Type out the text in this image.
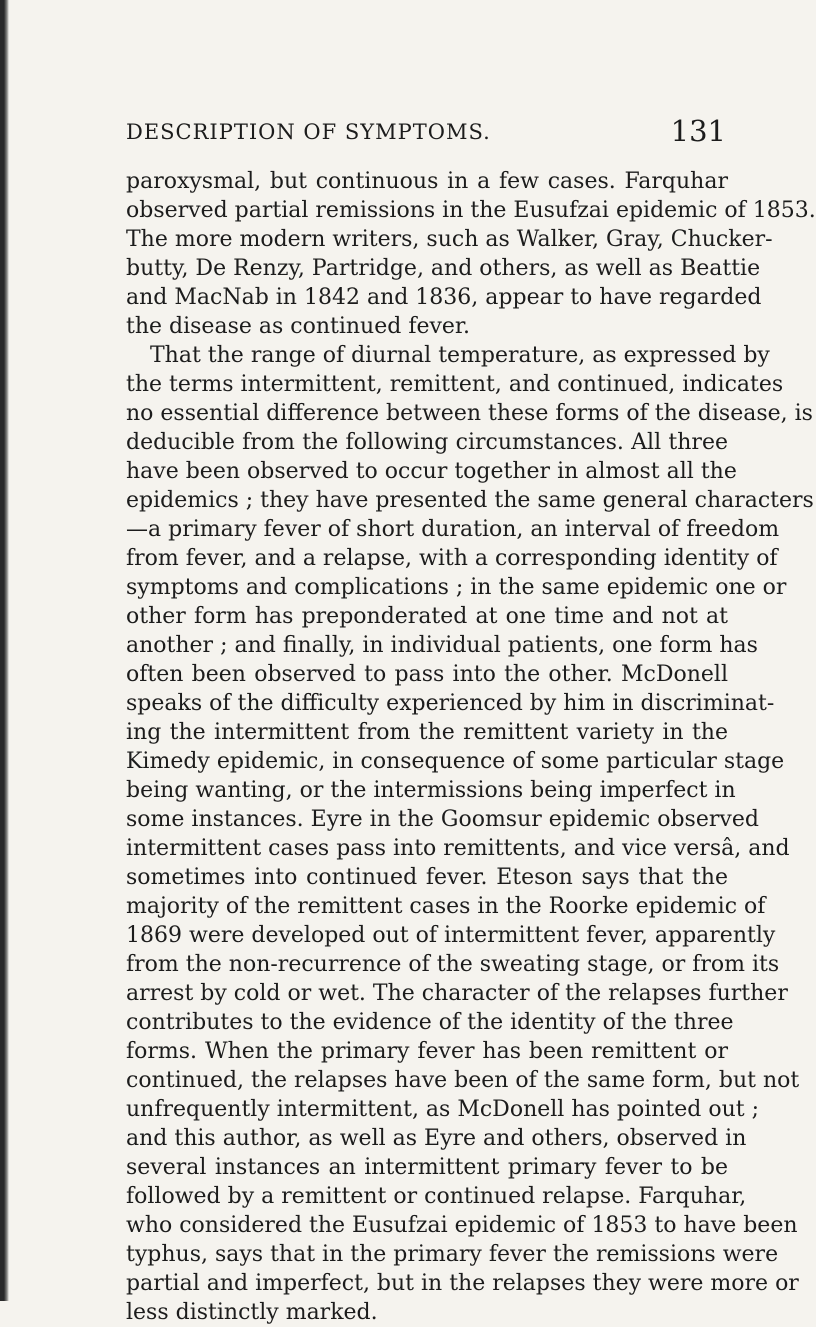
DESCRIPTION OF SYMPTOMS.	131
paroxysmal, but continuous in a few cases. Farquhar
observed partial remissions in the Eusufzai epidemic of 1853.
The more modern writers, such as Walker, Gray, Chucker-
butty, De Renzy, Partridge, and others, as well as Beattie
and MacNab in 1842 and 1836, appear to have regarded
the disease as continued fever.
That the range of diurnal temperature, as expressed by
the terms intermittent, remittent, and continued, indicates
no essential difference between these forms of the disease, is
deducible from the following circumstances. All three
have been observed to occur together in almost all the
epidemics ; they have presented the same general characters
—a primary fever of short duration, an interval of freedom
from fever, and a relapse, with a corresponding identity of
symptoms and complications ; in the same epidemic one or
other form has preponderated at one time and not at
another ; and finally, in individual patients, one form has
often been observed to pass into the other. McDonell
speaks of the difficulty experienced by him in discriminat-
ing the intermittent from the remittent variety in the
Kimedy epidemic, in consequence of some particular stage
being wanting, or the intermissions being imperfect in
some instances. Eyre in the Goomsur epidemic observed
intermittent cases pass into remittents, and vice versâ, and
sometimes into continued fever. Eteson says that the
majority of the remittent cases in the Roorke epidemic of
1869 were developed out of intermittent fever, apparently
from the non-recurrence of the sweating stage, or from its
arrest by cold or wet. The character of the relapses further
contributes to the evidence of the identity of the three
forms. When the primary fever has been remittent or
continued, the relapses have been of the same form, but not
unfrequently intermittent, as McDonell has pointed out ;
and this author, as well as Eyre and others, observed in
several instances an intermittent primary fever to be
followed by a remittent or continued relapse. Farquhar,
who considered the Eusufzai epidemic of 1853 to have been
typhus, says that in the primary fever the remissions were
partial and imperfect, but in the relapses they were more or
less distinctly marked.
